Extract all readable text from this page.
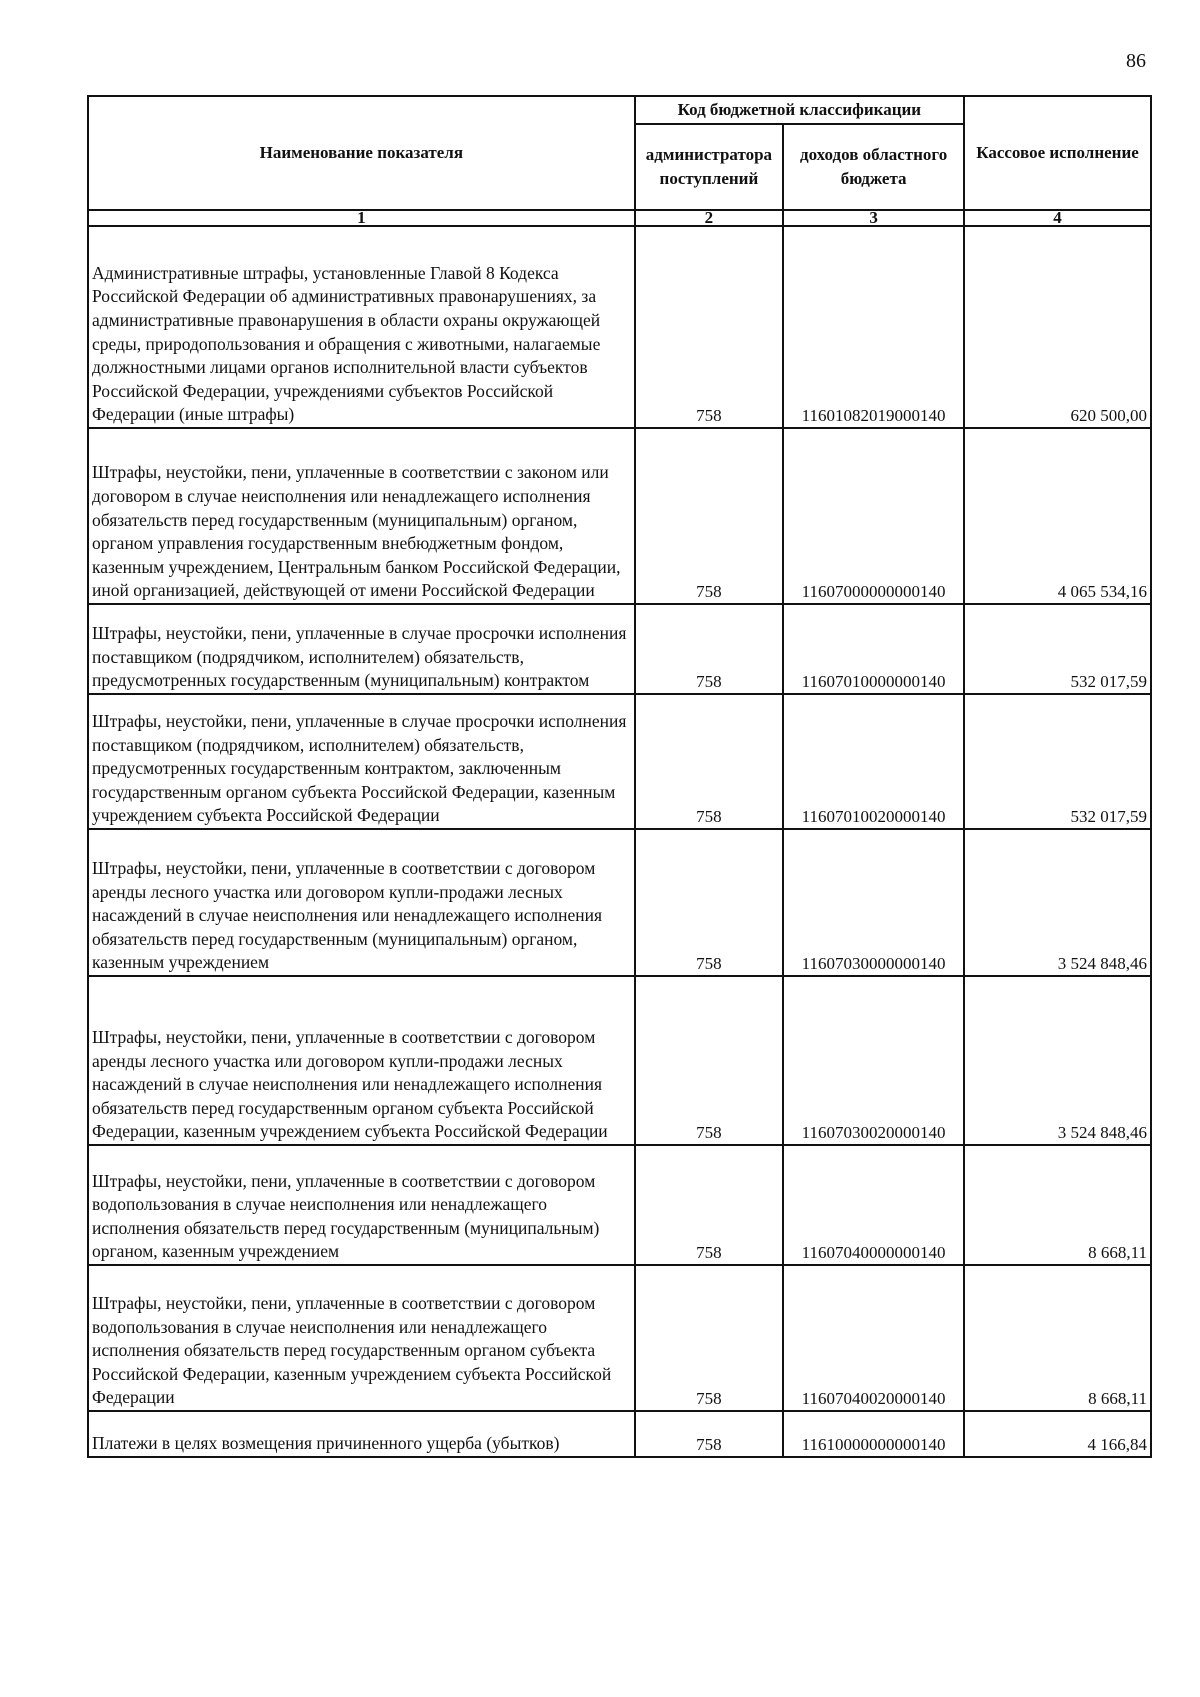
86
Наименование показателя	Код бюджетной классификации		Кассовое исполнение
	администратора поступлений	доходов областного бюджета	
1	2	3	4
Административные штрафы, установленные Главой 8 Кодекса Российской Федерации об административных правонарушениях, за административные правонарушения в области охраны окружающей среды, природопользования и обращения с животными, налагаемые должностными лицами органов исполнительной власти субъектов Российской Федерации, учреждениями субъектов Российской Федерации (иные штрафы)	758	11601082019000140	620 500,00
Штрафы, неустойки, пени, уплаченные в соответствии с законом или договором в случае неисполнения или ненадлежащего исполнения обязательств перед государственным (муниципальным) органом, органом управления государственным внебюджетным фондом, казенным учреждением, Центральным банком Российской Федерации, иной организацией, действующей от имени Российской Федерации	758	11607000000000140	4 065 534,16
Штрафы, неустойки, пени, уплаченные в случае просрочки исполнения поставщиком (подрядчиком, исполнителем) обязательств, предусмотренных государственным (муниципальным) контрактом	758	11607010000000140	532 017,59
Штрафы, неустойки, пени, уплаченные в случае просрочки исполнения поставщиком (подрядчиком, исполнителем) обязательств, предусмотренных государственным контрактом, заключенным государственным органом субъекта Российской Федерации, казенным учреждением субъекта Российской Федерации	758	11607010020000140	532 017,59
Штрафы, неустойки, пени, уплаченные в соответствии с договором аренды лесного участка или договором купли-продажи лесных насаждений в случае неисполнения или ненадлежащего исполнения обязательств перед государственным (муниципальным) органом, казенным учреждением	758	11607030000000140	3 524 848,46
Штрафы, неустойки, пени, уплаченные в соответствии с договором аренды лесного участка или договором купли-продажи лесных насаждений в случае неисполнения или ненадлежащего исполнения обязательств перед государственным органом субъекта Российской Федерации, казенным учреждением субъекта Российской Федерации	758	11607030020000140	3 524 848,46
Штрафы, неустойки, пени, уплаченные в соответствии с договором водопользования в случае неисполнения или ненадлежащего исполнения обязательств перед государственным (муниципальным) органом, казенным учреждением	758	11607040000000140	8 668,11
Штрафы, неустойки, пени, уплаченные в соответствии с договором водопользования в случае неисполнения или ненадлежащего исполнения обязательств перед государственным органом субъекта Российской Федерации, казенным учреждением субъекта Российской Федерации	758	11607040020000140	8 668,11
Платежи в целях возмещения причиненного ущерба (убытков)	758	11610000000000140	4 166,84
